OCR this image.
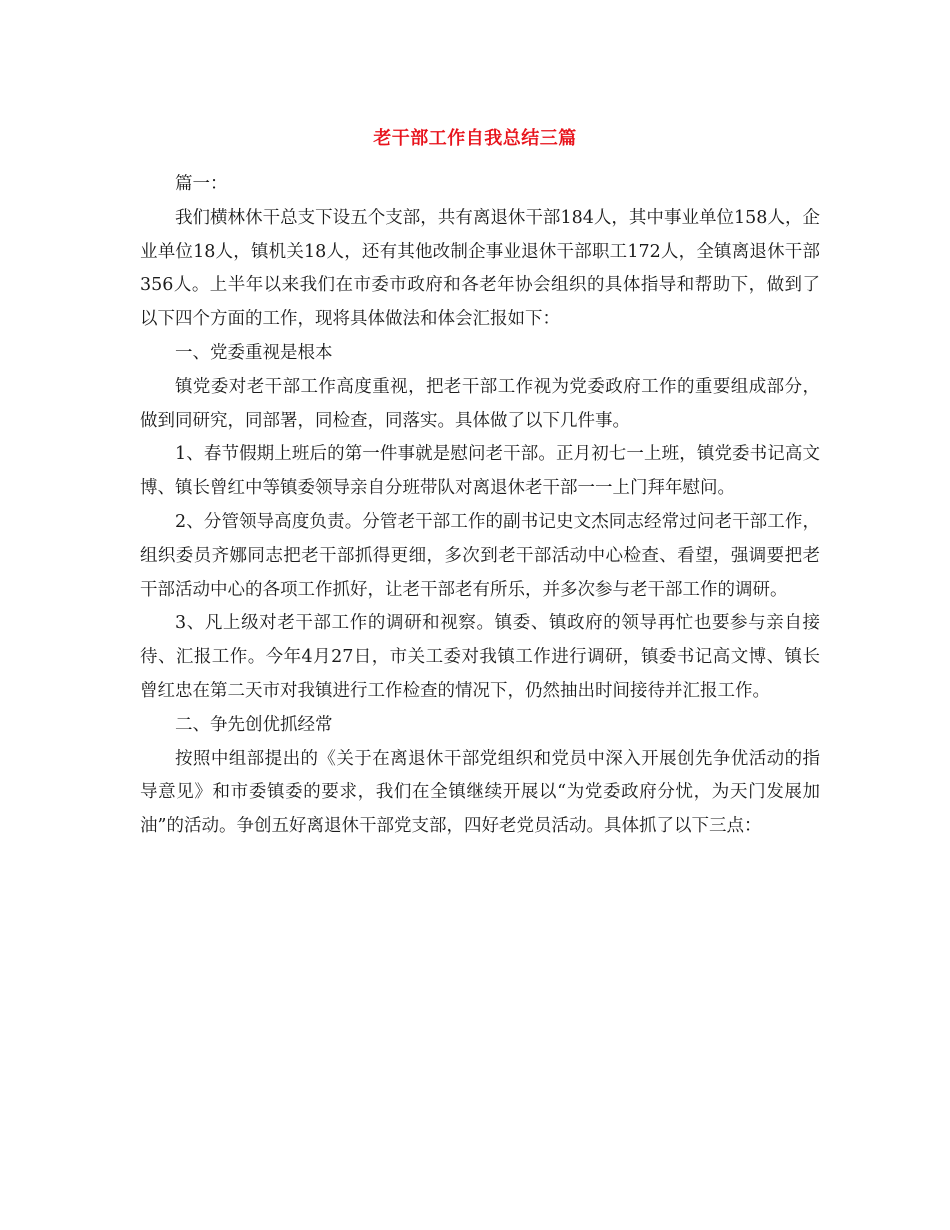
老干部工作自我总结三篇

篇一：

我们横林休干总支下设五个支部，共有离退休干部184人，其中事业单位158人，企业单位18人，镇机关18人，还有其他改制企事业退休干部职工172人，全镇离退休干部356人。上半年以来我们在市委市政府和各老年协会组织的具体指导和帮助下，做到了以下四个方面的工作，现将具体做法和体会汇报如下：

一、党委重视是根本

镇党委对老干部工作高度重视，把老干部工作视为党委政府工作的重要组成部分，做到同研究，同部署，同检查，同落实。具体做了以下几件事。

1、春节假期上班后的第一件事就是慰问老干部。正月初七一上班，镇党委书记高文博、镇长曾红中等镇委领导亲自分班带队对离退休老干部一一上门拜年慰问。

2、分管领导高度负责。分管老干部工作的副书记史文杰同志经常过问老干部工作，组织委员齐娜同志把老干部抓得更细，多次到老干部活动中心检查、看望，强调要把老干部活动中心的各项工作抓好，让老干部老有所乐，并多次参与老干部工作的调研。

3、凡上级对老干部工作的调研和视察。镇委、镇政府的领导再忙也要参与亲自接待、汇报工作。今年4月27日，市关工委对我镇工作进行调研，镇委书记高文博、镇长曾红忠在第二天市对我镇进行工作检查的情况下，仍然抽出时间接待并汇报工作。

二、争先创优抓经常

按照中组部提出的《关于在离退休干部党组织和党员中深入开展创先争优活动的指导意见》和市委镇委的要求，我们在全镇继续开展以“为党委政府分忧，为天门发展加油”的活动。争创五好离退休干部党支部，四好老党员活动。具体抓了以下三点：
